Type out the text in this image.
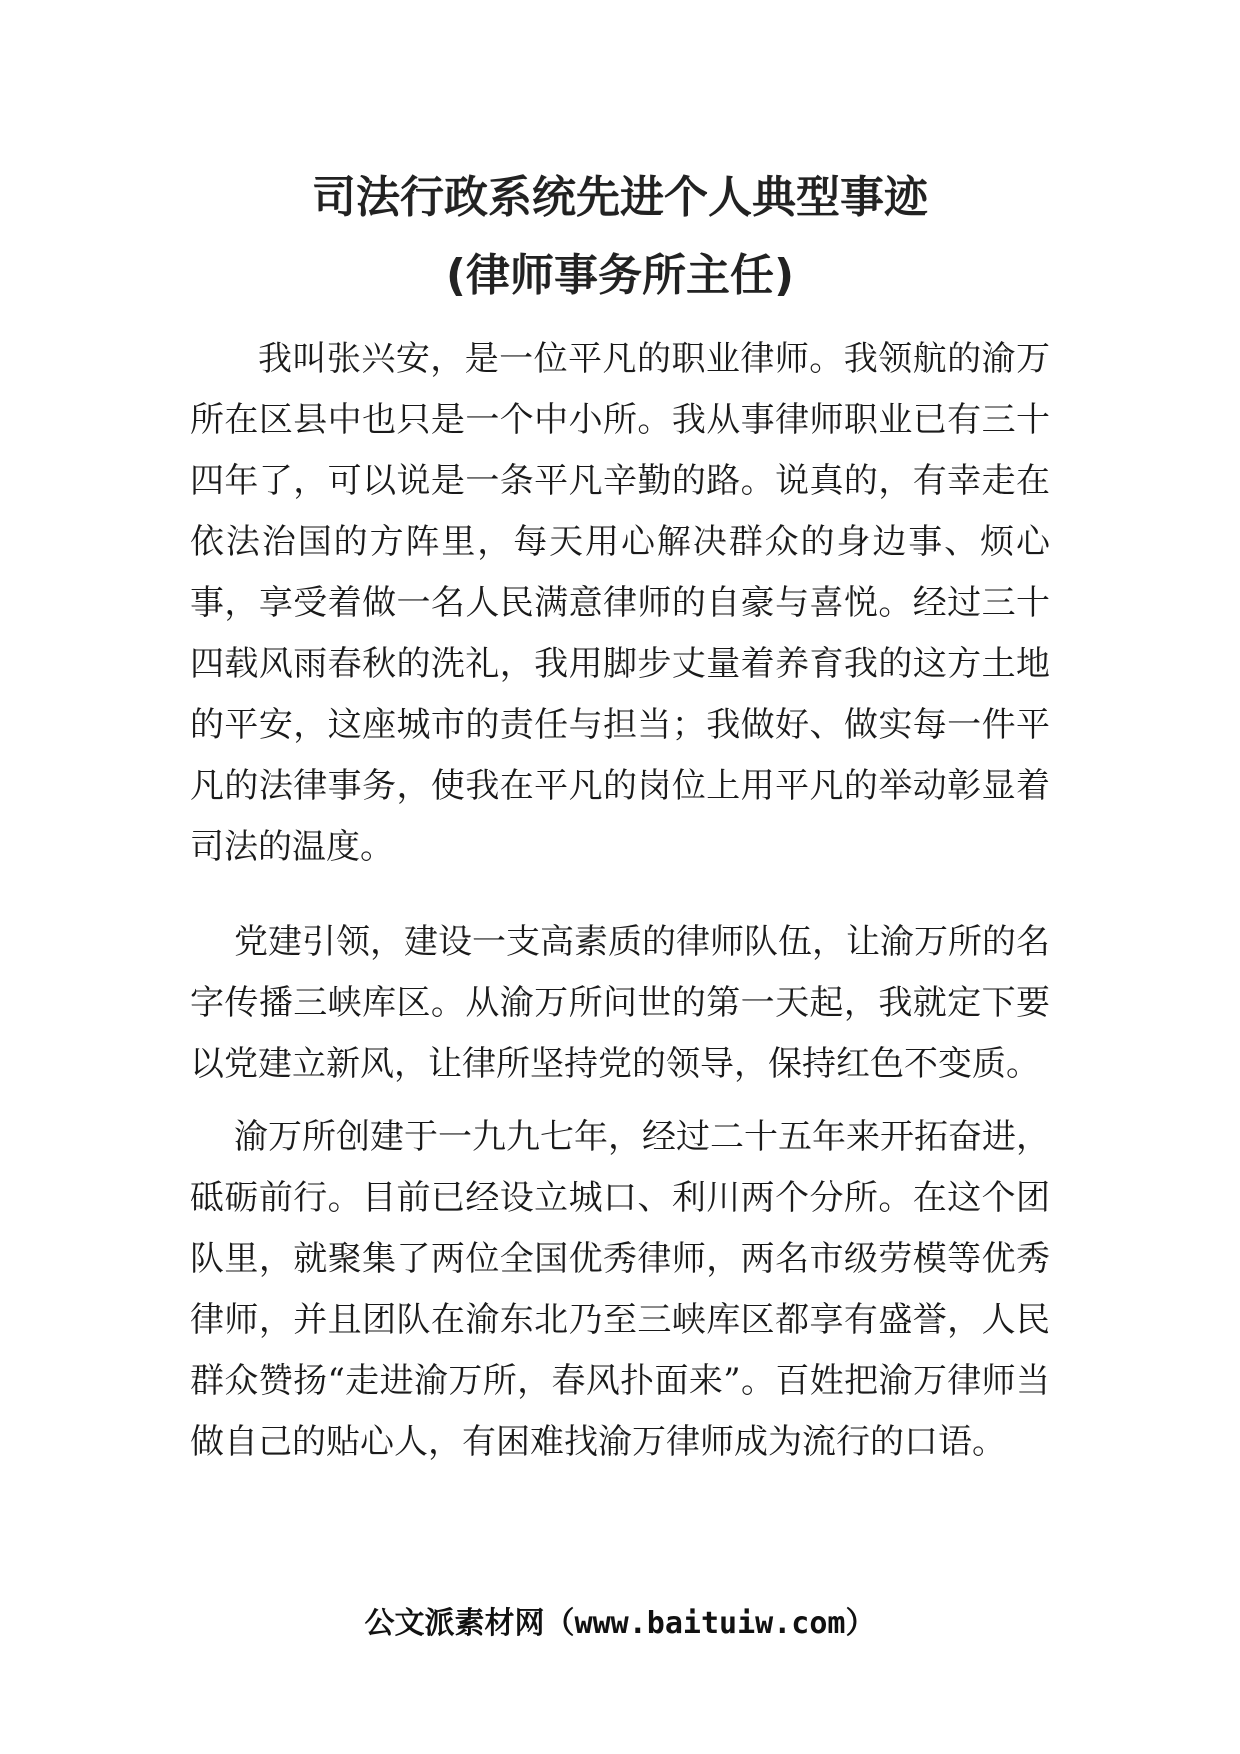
司法行政系统先进个人典型事迹
(律师事务所主任)

我叫张兴安，是一位平凡的职业律师。我领航的渝万所在区县中也只是一个中小所。我从事律师职业已有三十四年了，可以说是一条平凡辛勤的路。说真的，有幸走在依法治国的方阵里，每天用心解决群众的身边事、烦心事，享受着做一名人民满意律师的自豪与喜悦。经过三十四载风雨春秋的洗礼，我用脚步丈量着养育我的这方土地的平安，这座城市的责任与担当；我做好、做实每一件平凡的法律事务，使我在平凡的岗位上用平凡的举动彰显着司法的温度。

党建引领，建设一支高素质的律师队伍，让渝万所的名字传播三峡库区。从渝万所问世的第一天起，我就定下要以党建立新风，让律所坚持党的领导，保持红色不变质。

渝万所创建于一九九七年，经过二十五年来开拓奋进，砥砺前行。目前已经设立城口、利川两个分所。在这个团队里，就聚集了两位全国优秀律师，两名市级劳模等优秀律师，并且团队在渝东北乃至三峡库区都享有盛誉，人民群众赞扬“走进渝万所，春风扑面来”。百姓把渝万律师当做自己的贴心人，有困难找渝万律师成为流行的口语。

公文派素材网（www.baituiw.com）
